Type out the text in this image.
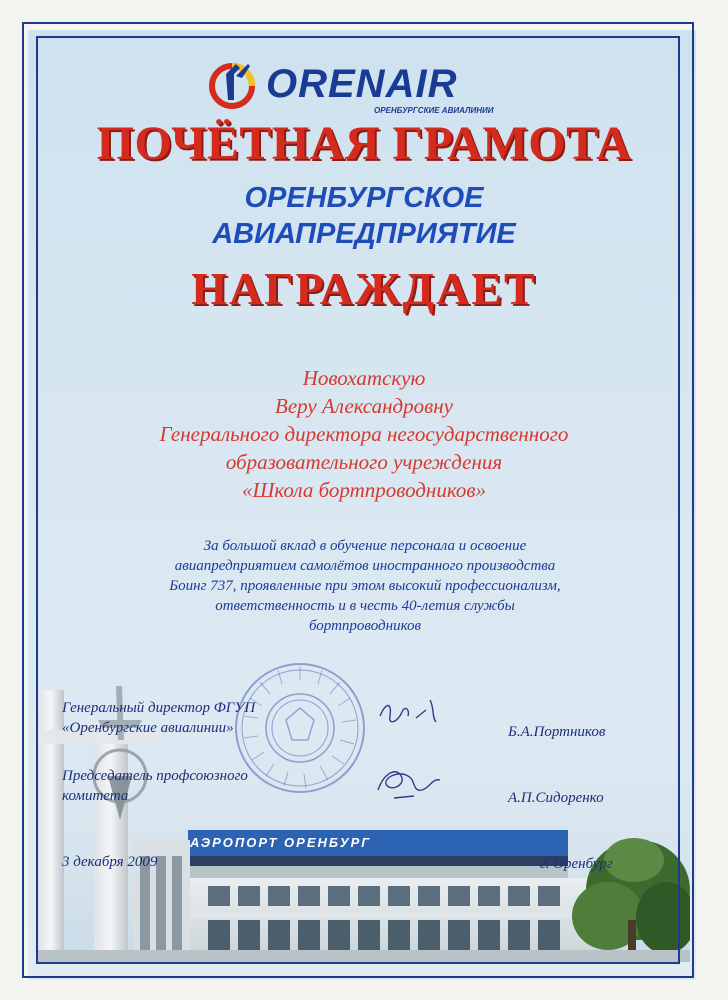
АЭРОПОРТ ОРЕНБУРГ
ORENAIR
ОРЕНБУРГСКИЕ АВИАЛИНИИ
ПОЧЁТНАЯ ГРАМОТА
ОРЕНБУРГСКОЕ
АВИАПРЕДПРИЯТИЕ
НАГРАЖДАЕТ
Новохатскую
Веру Александровну
Генерального директора негосударственного
образовательного учреждения
«Школа бортпроводников»
За большой вклад в обучение персонала и освоение
авиапредприятием самолётов иностранного производства
Боинг 737, проявленные при этом высокий профессионализм,
ответственность и в честь 40-летия службы
бортпроводников
Генеральный директор ФГУП
«Оренбургские авиалинии»	Б.А.Портников
Председатель профсоюзного
комитета	А.П.Сидоренко
3 декабря 2009	г. Оренбург
